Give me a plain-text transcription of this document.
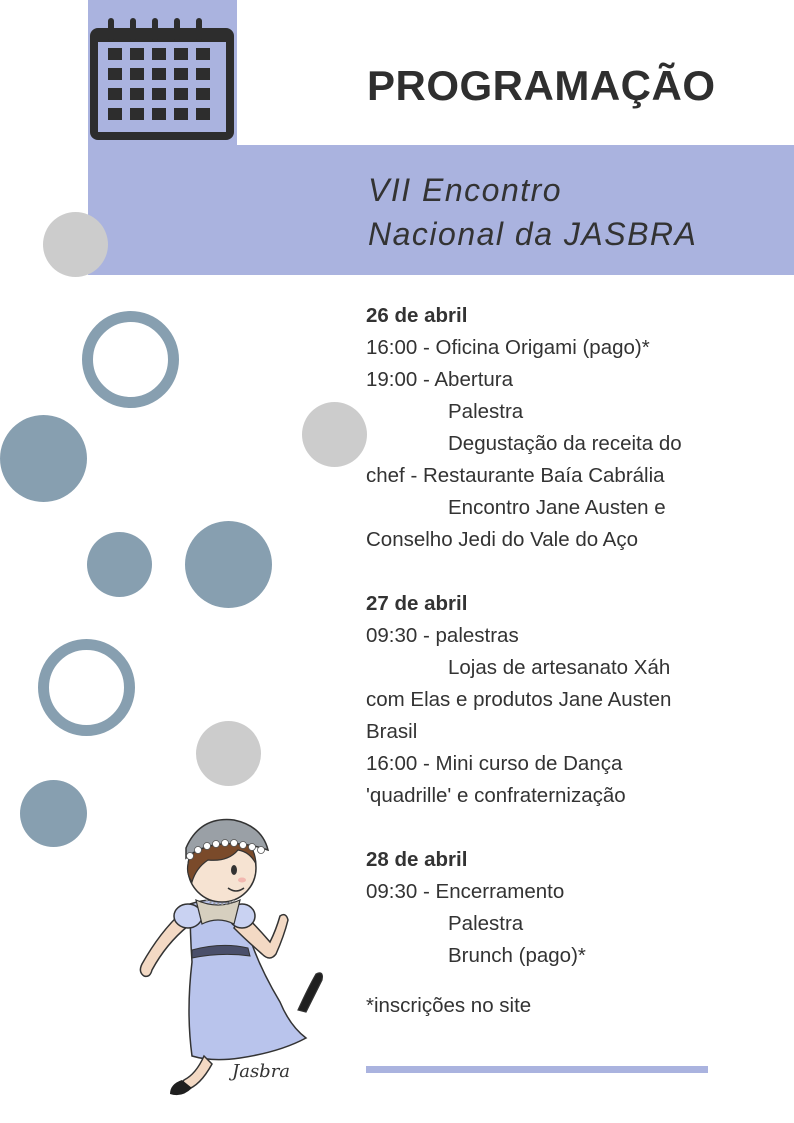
PROGRAMAÇÃO
VII Encontro
Nacional da JASBRA
26 de abril
16:00 - Oficina Origami (pago)*
19:00 - Abertura
Palestra
Degustação da receita do
chef - Restaurante Baía Cabrália
Encontro Jane Austen e
Conselho Jedi do Vale do Aço
27 de abril
09:30 - palestras
Lojas de artesanato Xáh
com Elas e produtos Jane Austen
Brasil
16:00 - Mini curso de Dança
'quadrille' e confraternização
28 de abril
09:30 - Encerramento
Palestra
Brunch (pago)*
*inscrições no site
Jasbra
